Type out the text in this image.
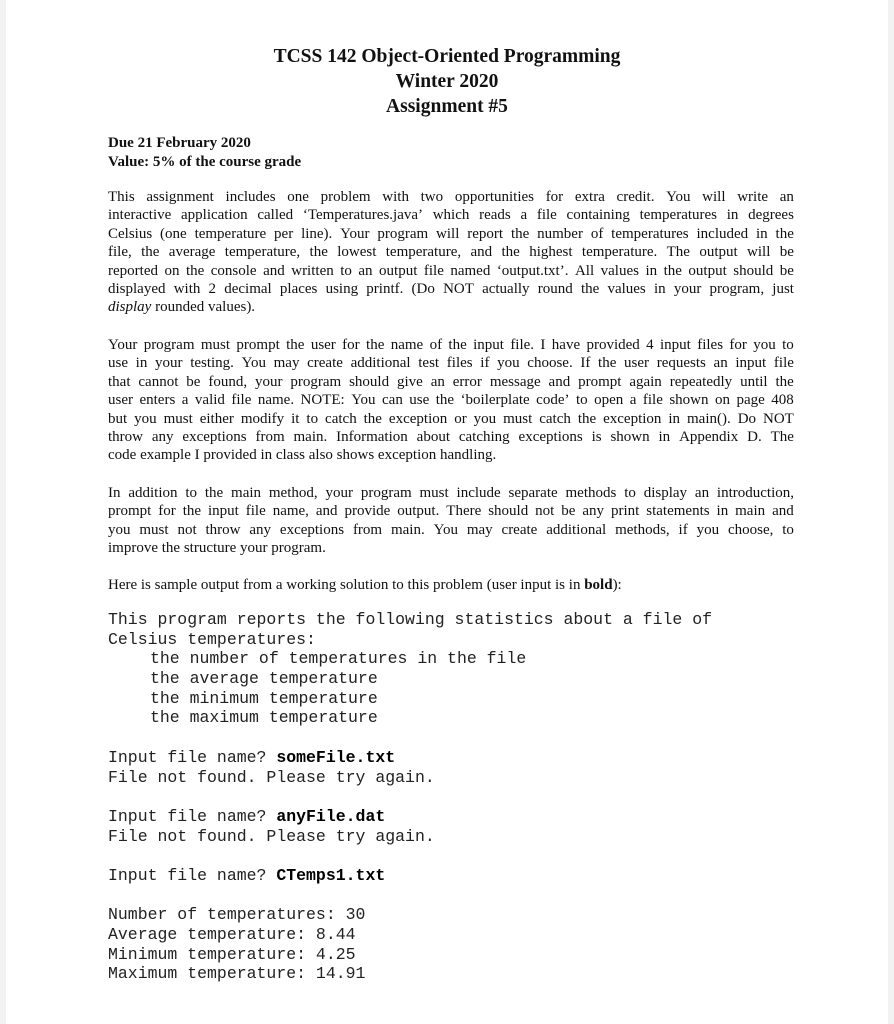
TCSS 142 Object-Oriented Programming
Winter 2020
Assignment #5
Due 21 February 2020
Value: 5% of the course grade
This assignment includes one problem with two opportunities for extra credit. You will write an
interactive application called ‘Temperatures.java’ which reads a file containing temperatures in degrees
Celsius (one temperature per line). Your program will report the number of temperatures included in the
file, the average temperature, the lowest temperature, and the highest temperature. The output will be
reported on the console and written to an output file named ‘output.txt’. All values in the output should be
displayed with 2 decimal places using printf. (Do NOT actually round the values in your program, just
display rounded values).
Your program must prompt the user for the name of the input file. I have provided 4 input files for you to
use in your testing. You may create additional test files if you choose. If the user requests an input file
that cannot be found, your program should give an error message and prompt again repeatedly until the
user enters a valid file name. NOTE: You can use the ‘boilerplate code’ to open a file shown on page 408
but you must either modify it to catch the exception or you must catch the exception in main(). Do NOT
throw any exceptions from main. Information about catching exceptions is shown in Appendix D. The
code example I provided in class also shows exception handling.
In addition to the main method, your program must include separate methods to display an introduction,
prompt for the input file name, and provide output. There should not be any print statements in main and
you must not throw any exceptions from main. You may create additional methods, if you choose, to
improve the structure your program.
Here is sample output from a working solution to this problem (user input is in bold):
This program reports the following statistics about a file of
Celsius temperatures:
the number of temperatures in the file
the average temperature
the minimum temperature
the maximum temperature
Input file name? someFile.txt
File not found. Please try again.
Input file name? anyFile.dat
File not found. Please try again.
Input file name? CTemps1.txt
Number of temperatures: 30
Average temperature: 8.44
Minimum temperature: 4.25
Maximum temperature: 14.91
